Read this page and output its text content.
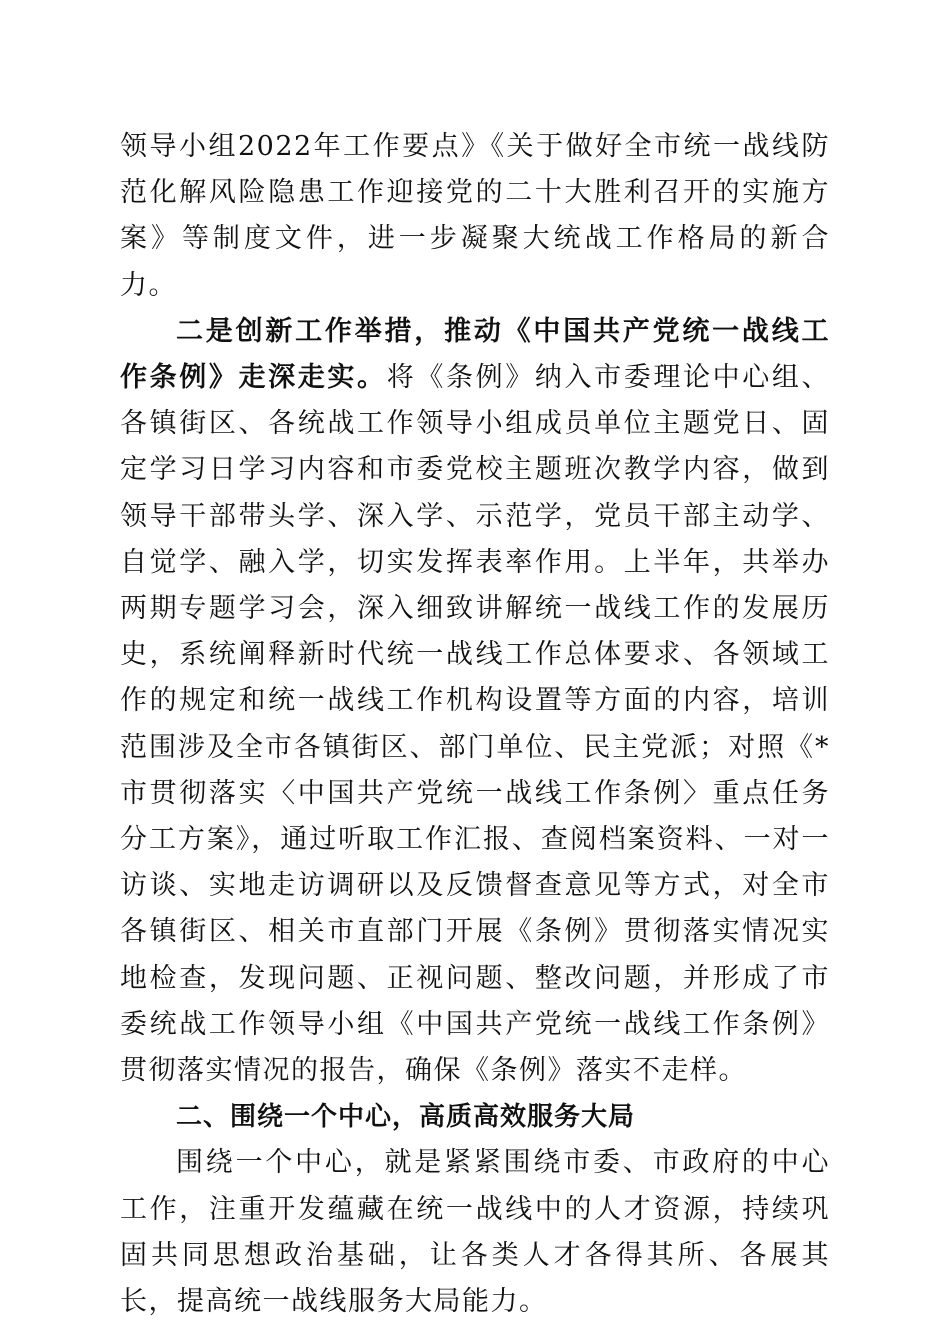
领导小组2022年工作要点》《关于做好全市统一战线防范化解风险隐患工作迎接党的二十大胜利召开的实施方案》等制度文件，进一步凝聚大统战工作格局的新合力。

二是创新工作举措，推动《中国共产党统一战线工作条例》走深走实。将《条例》纳入市委理论中心组、各镇街区、各统战工作领导小组成员单位主题党日、固定学习日学习内容和市委党校主题班次教学内容，做到领导干部带头学、深入学、示范学，党员干部主动学、自觉学、融入学，切实发挥表率作用。上半年，共举办两期专题学习会，深入细致讲解统一战线工作的发展历史，系统阐释新时代统一战线工作总体要求、各领域工作的规定和统一战线工作机构设置等方面的内容，培训范围涉及全市各镇街区、部门单位、民主党派；对照《*市贯彻落实〈中国共产党统一战线工作条例〉重点任务分工方案》，通过听取工作汇报、查阅档案资料、一对一访谈、实地走访调研以及反馈督查意见等方式，对全市各镇街区、相关市直部门开展《条例》贯彻落实情况实地检查，发现问题、正视问题、整改问题，并形成了市委统战工作领导小组《中国共产党统一战线工作条例》贯彻落实情况的报告，确保《条例》落实不走样。

二、围绕一个中心，高质高效服务大局

围绕一个中心，就是紧紧围绕市委、市政府的中心工作，注重开发蕴藏在统一战线中的人才资源，持续巩固共同思想政治基础，让各类人才各得其所、各展其长，提高统一战线服务大局能力。
